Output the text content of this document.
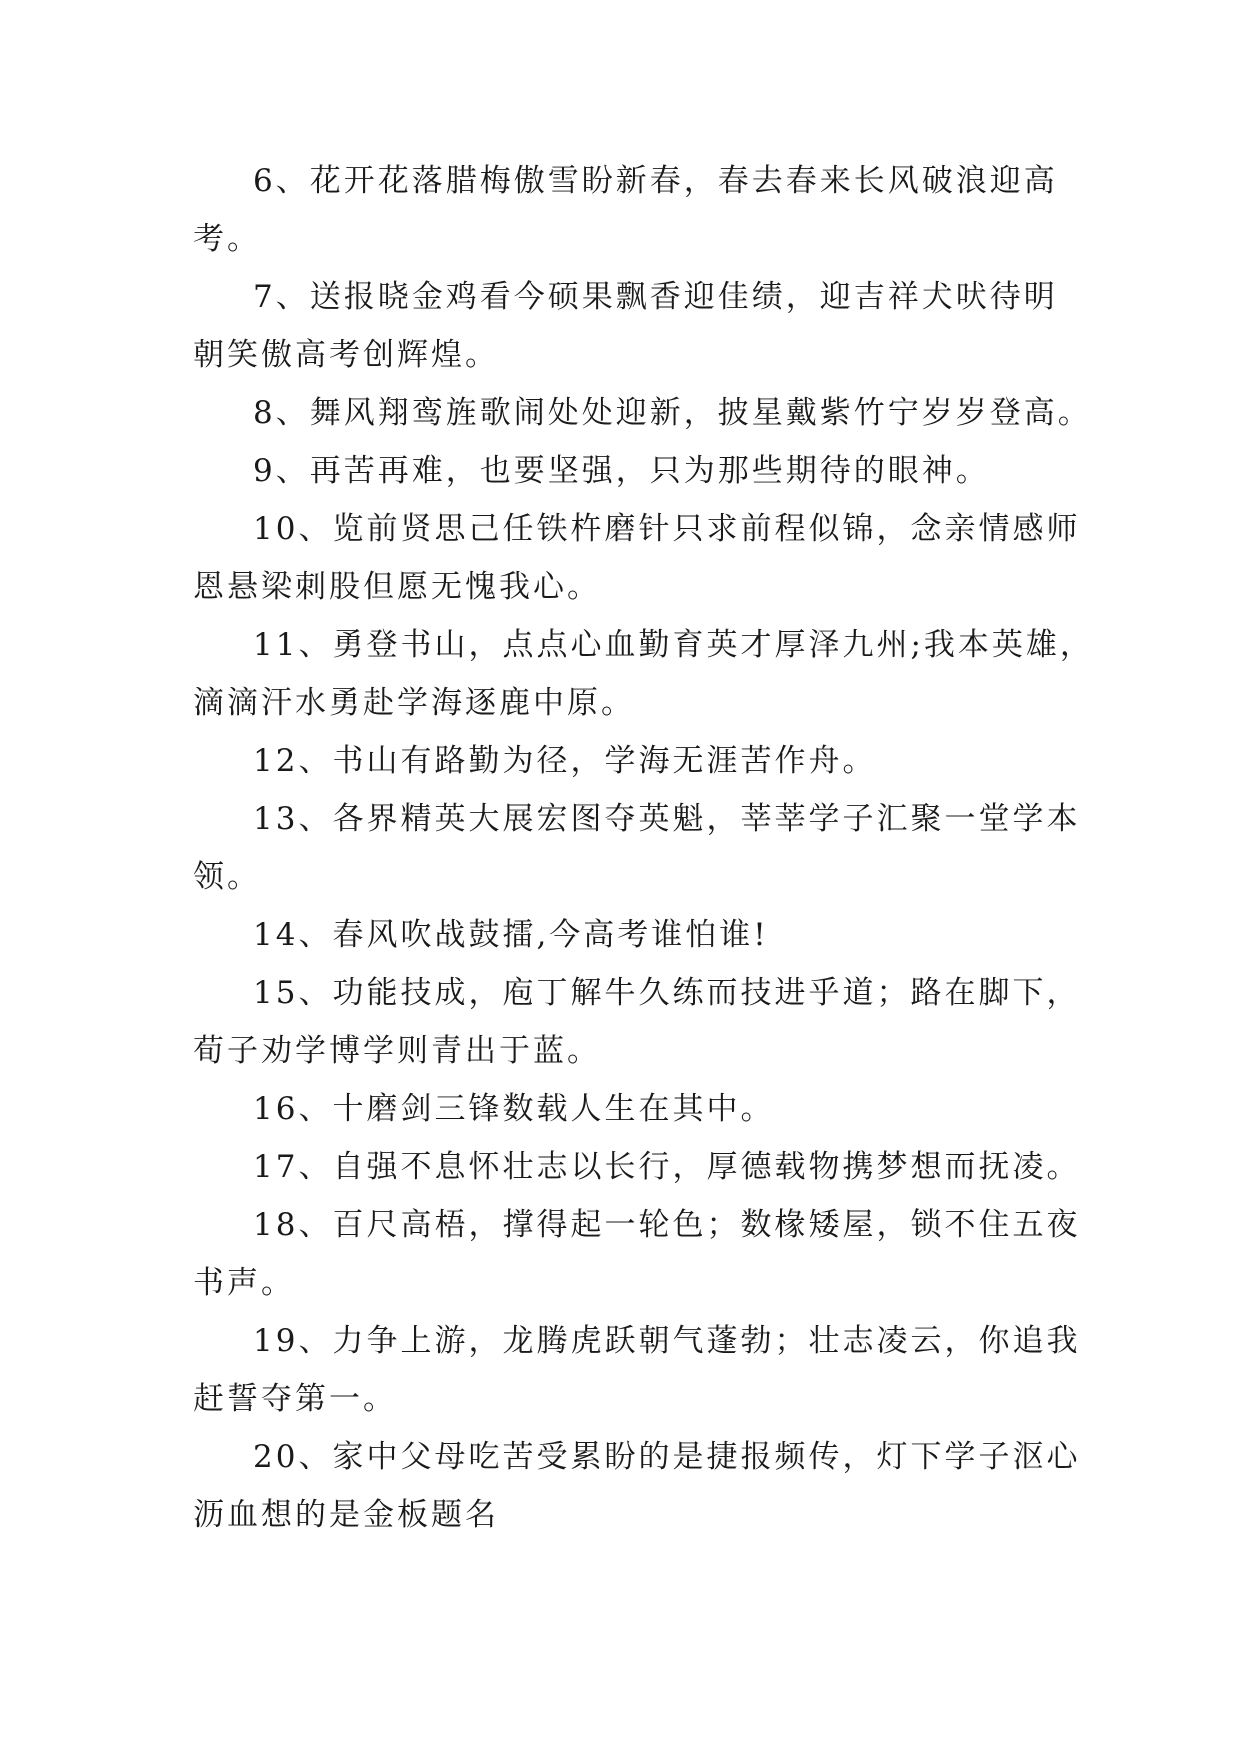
6、花开花落腊梅傲雪盼新春，春去春来长风破浪迎高
考。
7、送报晓金鸡看今硕果飘香迎佳绩，迎吉祥犬吠待明
朝笑傲高考创辉煌。
8、舞风翔鸾旌歌闹处处迎新，披星戴紫竹宁岁岁登高。
9、再苦再难，也要坚强，只为那些期待的眼神。
10、览前贤思己任铁杵磨针只求前程似锦，念亲情感师
恩悬梁刺股但愿无愧我心。
11、勇登书山，点点心血勤育英才厚泽九州;我本英雄，
滴滴汗水勇赴学海逐鹿中原。
12、书山有路勤为径，学海无涯苦作舟。
13、各界精英大展宏图夺英魁，莘莘学子汇聚一堂学本
领。
14、春风吹战鼓擂,今高考谁怕谁!
15、功能技成，庖丁解牛久练而技进乎道；路在脚下，
荀子劝学博学则青出于蓝。
16、十磨剑三锋数载人生在其中。
17、自强不息怀壮志以长行，厚德载物携梦想而抚凌。
18、百尺高梧，撑得起一轮色；数椽矮屋，锁不住五夜
书声。
19、力争上游，龙腾虎跃朝气蓬勃；壮志凌云，你追我
赶誓夺第一。
20、家中父母吃苦受累盼的是捷报频传，灯下学子沤心
沥血想的是金板题名
